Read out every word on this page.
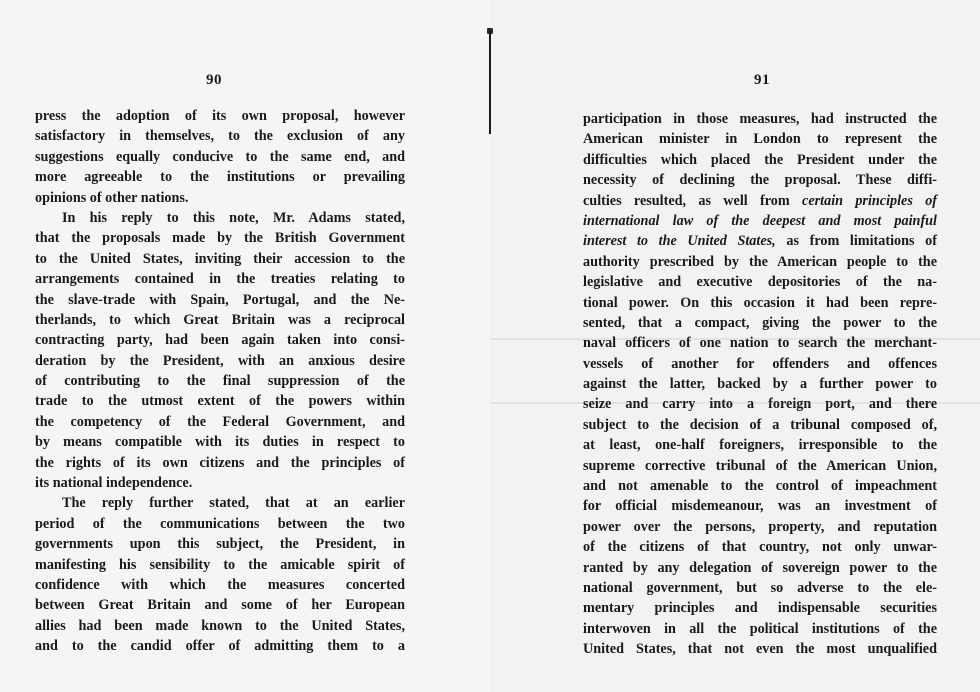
90
press the adoption of its own proposal, however
satisfactory in themselves, to the exclusion of any
suggestions equally conducive to the same end, and
more agreeable to the institutions or prevailing
opinions of other nations.
In his reply to this note, Mr. Adams stated,
that the proposals made by the British Government
to the United States, inviting their accession to the
arrangements contained in the treaties relating to
the slave-trade with Spain, Portugal, and the Ne-
therlands, to which Great Britain was a reciprocal
contracting party, had been again taken into consi-
deration by the President, with an anxious desire
of contributing to the final suppression of the
trade to the utmost extent of the powers within
the competency of the Federal Government, and
by means compatible with its duties in respect to
the rights of its own citizens and the principles of
its national independence.
The reply further stated, that at an earlier
period of the communications between the two
governments upon this subject, the President, in
manifesting his sensibility to the amicable spirit of
confidence with which the measures concerted
between Great Britain and some of her European
allies had been made known to the United States,
and to the candid offer of admitting them to a
91
participation in those measures, had instructed the
American minister in London to represent the
difficulties which placed the President under the
necessity of declining the proposal. These diffi-
culties resulted, as well from certain principles of
international law of the deepest and most painful
interest to the United States, as from limitations of
authority prescribed by the American people to the
legislative and executive depositories of the na-
tional power. On this occasion it had been repre-
sented, that a compact, giving the power to the
naval officers of one nation to search the merchant-
vessels of another for offenders and offences
against the latter, backed by a further power to
seize and carry into a foreign port, and there
subject to the decision of a tribunal composed of,
at least, one-half foreigners, irresponsible to the
supreme corrective tribunal of the American Union,
and not amenable to the control of impeachment
for official misdemeanour, was an investment of
power over the persons, property, and reputation
of the citizens of that country, not only unwar-
ranted by any delegation of sovereign power to the
national government, but so adverse to the ele-
mentary principles and indispensable securities
interwoven in all the political institutions of the
United States, that not even the most unqualified
